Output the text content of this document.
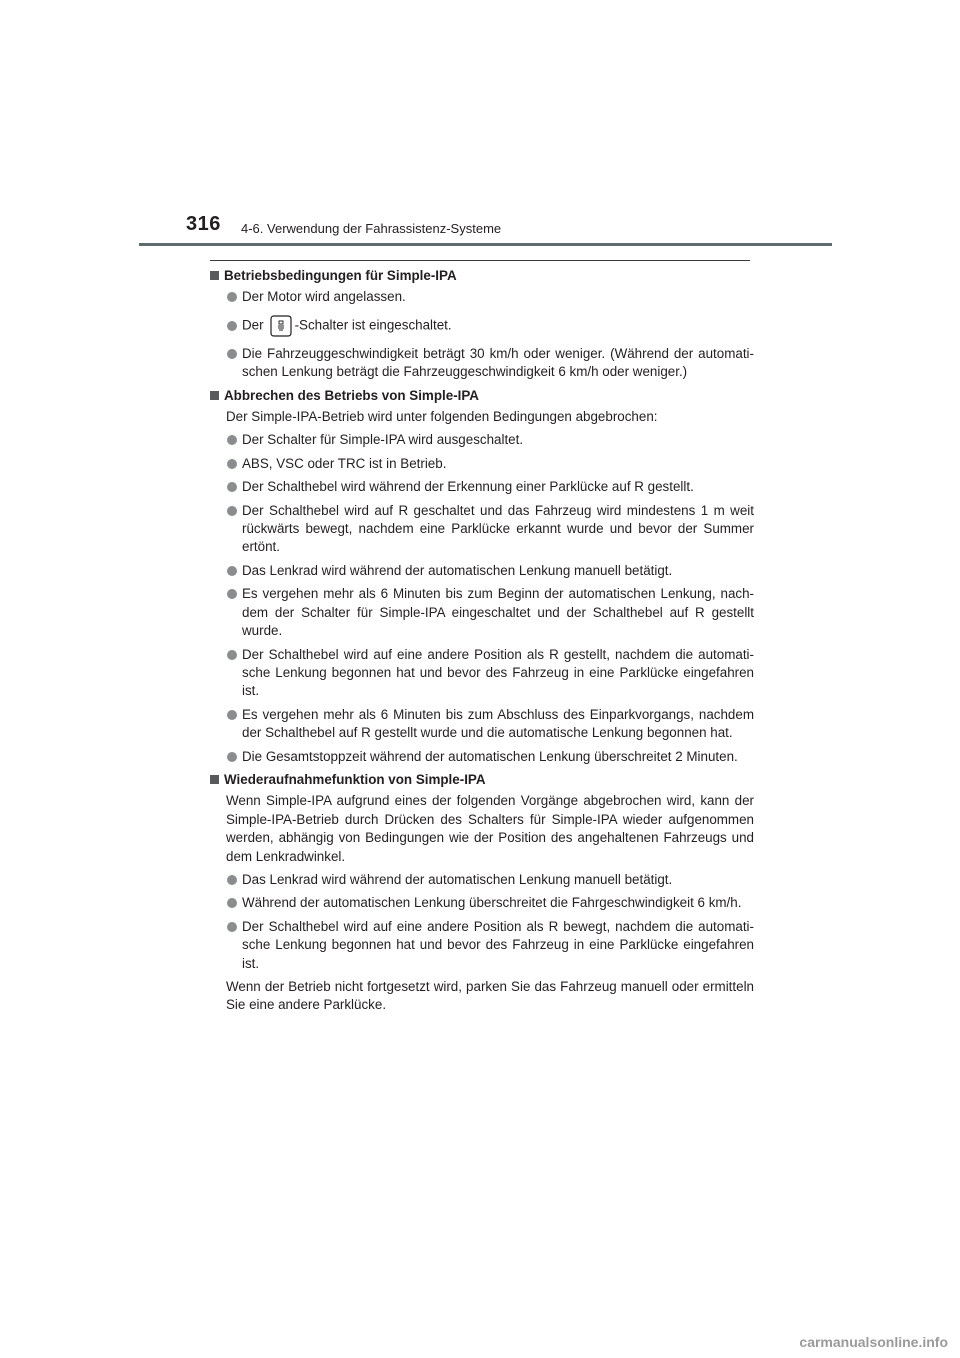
316 4-6. Verwendung der Fahrassistenz-Systeme
Betriebsbedingungen für Simple-IPA
Der Motor wird angelassen.
Der -Schalter ist eingeschaltet.
Die Fahrzeuggeschwindigkeit beträgt 30 km/h oder weniger. (Während der automatischen Lenkung beträgt die Fahrzeuggeschwindigkeit 6 km/h oder weniger.)
Abbrechen des Betriebs von Simple-IPA
Der Simple-IPA-Betrieb wird unter folgenden Bedingungen abgebrochen:
Der Schalter für Simple-IPA wird ausgeschaltet.
ABS, VSC oder TRC ist in Betrieb.
Der Schalthebel wird während der Erkennung einer Parklücke auf R gestellt.
Der Schalthebel wird auf R geschaltet und das Fahrzeug wird mindestens 1 m weit rückwärts bewegt, nachdem eine Parklücke erkannt wurde und bevor der Summer ertönt.
Das Lenkrad wird während der automatischen Lenkung manuell betätigt.
Es vergehen mehr als 6 Minuten bis zum Beginn der automatischen Lenkung, nachdem der Schalter für Simple-IPA eingeschaltet und der Schalthebel auf R gestellt wurde.
Der Schalthebel wird auf eine andere Position als R gestellt, nachdem die automatische Lenkung begonnen hat und bevor des Fahrzeug in eine Parklücke eingefahren ist.
Es vergehen mehr als 6 Minuten bis zum Abschluss des Einparkvorgangs, nachdem der Schalthebel auf R gestellt wurde und die automatische Lenkung begonnen hat.
Die Gesamtstoppzeit während der automatischen Lenkung überschreitet 2 Minuten.
Wiederaufnahmefunktion von Simple-IPA
Wenn Simple-IPA aufgrund eines der folgenden Vorgänge abgebrochen wird, kann der Simple-IPA-Betrieb durch Drücken des Schalters für Simple-IPA wieder aufgenommen werden, abhängig von Bedingungen wie der Position des angehaltenen Fahrzeugs und dem Lenkradwinkel.
Das Lenkrad wird während der automatischen Lenkung manuell betätigt.
Während der automatischen Lenkung überschreitet die Fahrgeschwindigkeit 6 km/h.
Der Schalthebel wird auf eine andere Position als R bewegt, nachdem die automatische Lenkung begonnen hat und bevor des Fahrzeug in eine Parklücke eingefahren ist.
Wenn der Betrieb nicht fortgesetzt wird, parken Sie das Fahrzeug manuell oder ermitteln Sie eine andere Parklücke.
carmanualsonline.info
